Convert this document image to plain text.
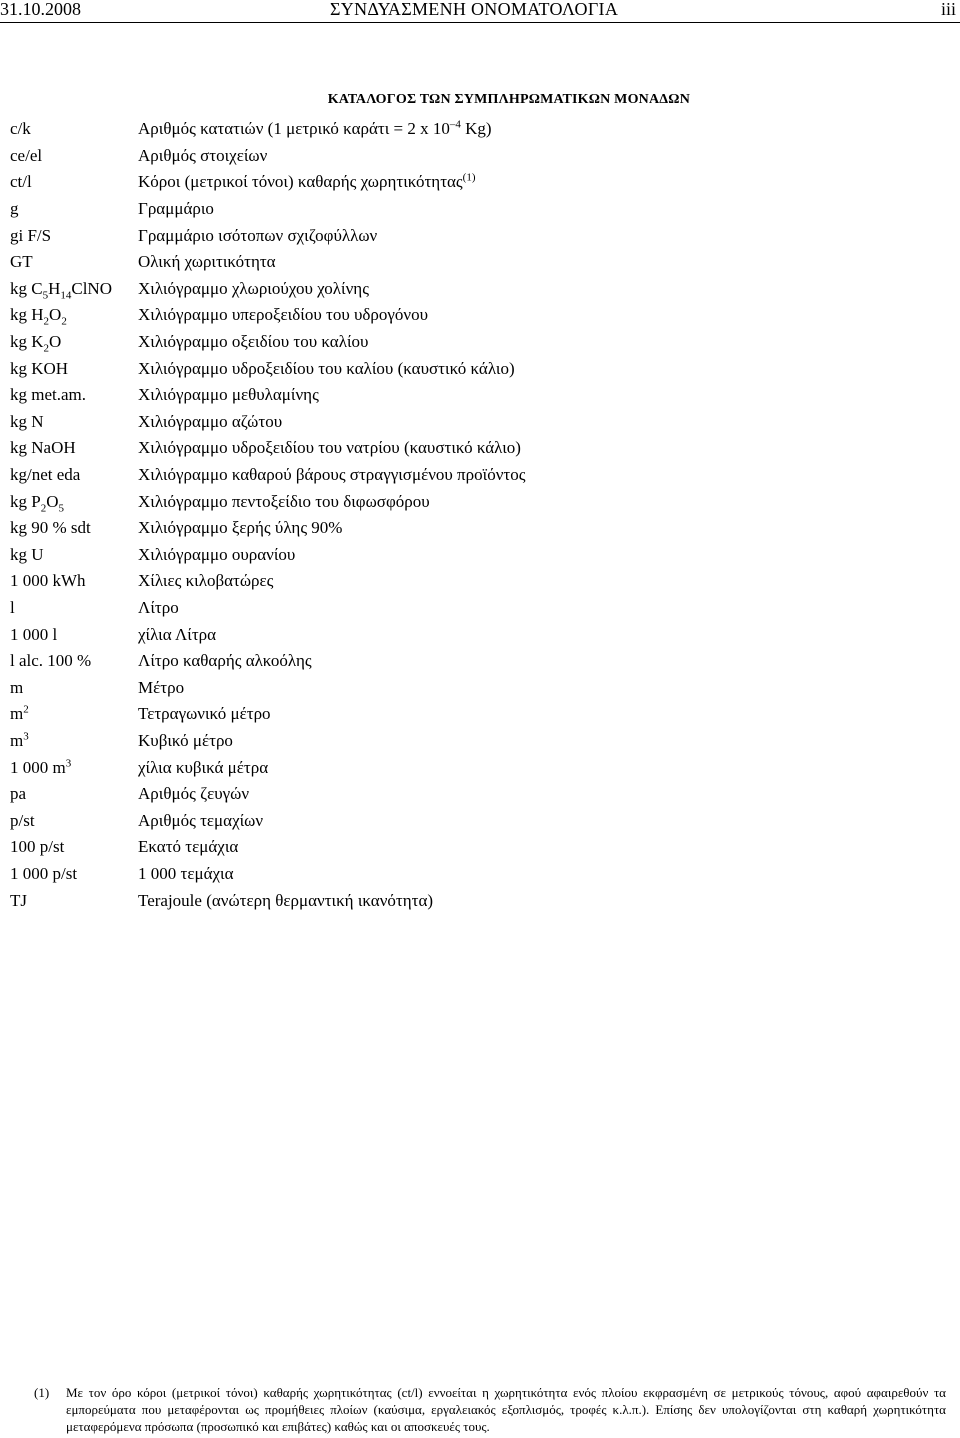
31.10.2008	ΣΥΝΔΥΑΣΜΕΝΗ ΟΝΟΜΑΤΟΛΟΓΙΑ	iii
ΚΑΤΑΛΟΓΟΣ ΤΩΝ ΣΥΜΠΛΗΡΩΜΑΤΙΚΩΝ ΜΟΝΑΔΩΝ
c/k	Αριθμός κατατιών (1 μετρικό καράτι = 2 x $10^{-4}$ Kg)
ce/el	Αριθμός στοιχείων
ct/l	Κόροι (μετρικοί τόνοι) καθαρής χωρητικότητας$^{(1)}$
g	Γραμμάριο
gi F/S	Γραμμάριο ισότοπων σχιζοφύλλων
GT	Ολική χωριτικότητα
kg $C_5H_{14}ClNO$	Χιλιόγραμμο χλωριούχου χολίνης
kg $H_2O_2$	Χιλιόγραμμο υπεροξειδίου του υδρογόνου
kg $K_2O$	Χιλιόγραμμο οξειδίου του καλίου
kg KOH	Χιλιόγραμμο υδροξειδίου του καλίου (καυστικό κάλιο)
kg met.am.	Χιλιόγραμμο μεθυλαμίνης
kg N	Χιλιόγραμμο αζώτου
kg NaOH	Χιλιόγραμμο υδροξειδίου του νατρίου (καυστικό κάλιο)
kg/net eda	Χιλιόγραμμο καθαρού βάρους στραγγισμένου προϊόντος
kg $P_2O_5$	Χιλιόγραμμο πεντοξείδιο του διφωσφόρου
kg 90 % sdt	Χιλιόγραμμο ξερής ύλης 90%
kg U	Χιλιόγραμμο ουρανίου
1 000 kWh	Χίλιες κιλοβατώρες
l	Λίτρο
1 000 l	χίλια Λίτρα
l alc. 100 %	Λίτρο καθαρής αλκοόλης
m	Μέτρο
$m^2$	Τετραγωνικό μέτρο
$m^3$	Κυβικό μέτρο
1 000 $m^3$	χίλια κυβικά μέτρα
pa	Αριθμός ζευγών
p/st	Αριθμός τεμαχίων
100 p/st	Εκατό τεμάχια
1 000 p/st	1 000 τεμάχια
TJ	Terajoule (ανώτερη θερμαντική ικανότητα)
(1) Με τον όρο κόροι (μετρικοί τόνοι) καθαρής χωρητικότητας (ct/l) εννοείται η χωρητικότητα ενός πλοίου εκφρασμένη σε μετρικούς τόνους, αφού αφαιρεθούν τα εμπορεύματα που μεταφέρονται ως προμήθειες πλοίων (καύσιμα, εργαλειακός εξοπλισμός, τροφές κ.λ.π.). Επίσης δεν υπολογίζονται στη καθαρή χωρητικότητα μεταφερόμενα πρόσωπα (προσωπικό και επιβάτες) καθώς και οι αποσκευές τους.
